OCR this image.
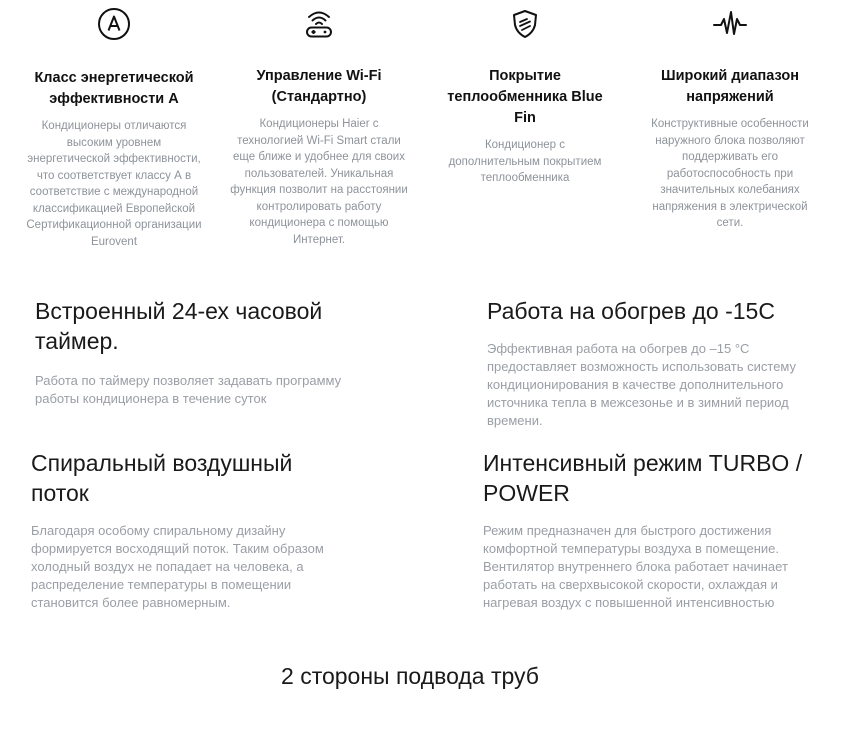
Класс энергетической эффективности А
Кондиционеры отличаются высоким уровнем энергетической эффективности, что соответствует классу А в соответствие с международной классификацией Европейской Сертификационной организации Eurovent
Управление Wi-Fi (Стандартно)
Кондиционеры Haier с технологией Wi-Fi Smart стали еще ближе и удобнее для своих пользователей. Уникальная функция позволит на расстоянии контролировать работу кондиционера с помощью Интернет.
Покрытие теплообменника Blue Fin
Кондиционер с дополнительным покрытием теплообменника
Широкий диапазон напряжений
Конструктивные особенности наружного блока позволяют поддерживать его работоспособность при значительных колебаниях напряжения в электрической сети.
Встроенный 24-ех часовой таймер.
Работа по таймеру позволяет задавать программу работы кондиционера в течение суток
Работа на обогрев до -15С
Эффективная работа на обогрев до –15 °С предоставляет возможность использовать систему кондиционирования в качестве дополнительного источника тепла в межсезонье и в зимний период времени.
Спиральный воздушный поток
Благодаря особому спиральному дизайну формируется восходящий поток. Таким образом холодный воздух не попадает на человека, а распределение температуры в помещении становится более равномерным.
Интенсивный режим TURBO / POWER
Режим предназначен для быстрого достижения комфортной температуры воздуха в помещение. Вентилятор внутреннего блока работает начинает работать на сверхвысокой скорости, охлаждая и нагревая воздух с повышенной интенсивностью
2 стороны подвода труб
